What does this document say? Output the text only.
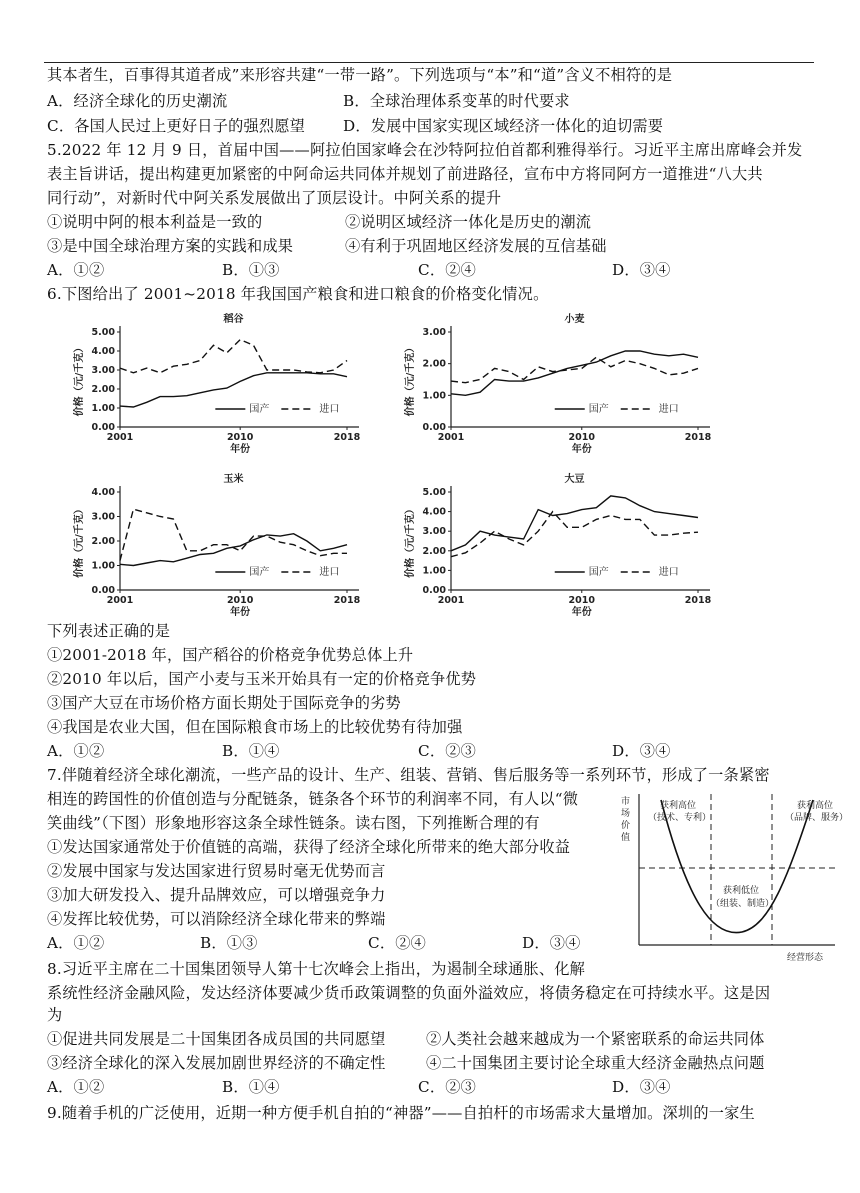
其本者生，百事得其道者成”来形容共建“一带一路”。下列选项与“本”和“道”含义不相符的是
A．经济全球化的历史潮流	B．全球治理体系变革的时代要求
C．各国人民过上更好日子的强烈愿望 D．发展中国家实现区域经济一体化的迫切需要
5.2022 年 12 月 9 日，首届中国——阿拉伯国家峰会在沙特阿拉伯首都利雅得举行。习近平主席出席峰会并发
表主旨讲话，提出构建更加紧密的中阿命运共同体并规划了前进路径，宣布中方将同阿方一道推进“八大共
同行动”，对新时代中阿关系发展做出了顶层设计。中阿关系的提升
①说明中阿的根本利益是一致的	②说明区域经济一体化是历史的潮流
③是中国全球治理方案的实践和成果	④有利于巩固地区经济发展的互信基础
A．①②	B．①③	C．②④	D．③④
6.下图给出了 2001~2018 年我国国产粮食和进口粮食的价格变化情况。
稻谷
价格（元/千克）
0.00
1.00
2.00
3.00
4.00
5.00
2001	2010	2018
年份
国产	进口
小麦
价格（元/千克）
0.00
1.00
2.00
3.00
2001	2010	2018
年份
国产	进口
玉米
价格（元/千克）
0.00
1.00
2.00
3.00
4.00
2001	2010	2018
年份
国产	进口
大豆
价格（元/千克）
0.00
1.00
2.00
3.00
4.00
5.00
2001	2010	2018
年份
国产	进口
下列表述正确的是
①2001-2018 年，国产稻谷的价格竞争优势总体上升
②2010 年以后，国产小麦与玉米开始具有一定的价格竞争优势
③国产大豆在市场价格方面长期处于国际竞争的劣势
④我国是农业大国，但在国际粮食市场上的比较优势有待加强
A．①②	B．①④	C．②③	D．③④
7.伴随着经济全球化潮流，一些产品的设计、生产、组装、营销、售后服务等一系列环节，形成了一条紧密
相连的跨国性的价值创造与分配链条，链条各个环节的利润率不同，有人以“微
笑曲线”（下图）形象地形容这条全球性链条。读右图，下列推断合理的有
①发达国家通常处于价值链的高端，获得了经济全球化所带来的绝大部分收益
②发展中国家与发达国家进行贸易时毫无优势而言
③加大研发投入、提升品牌效应，可以增强竞争力
④发挥比较优势，可以消除经济全球化带来的弊端
A．①②	B．①③	C．②④	D．③④
市
场
价
值
获利高位
（技术、专利）
获利高位
（品牌、服务）
获利低位
（组装、制造）
经营形态
8.习近平主席在二十国集团领导人第十七次峰会上指出，为遏制全球通胀、化解
系统性经济金融风险，发达经济体要减少货币政策调整的负面外溢效应，将债务稳定在可持续水平。这是因
为
①促进共同发展是二十国集团各成员国的共同愿望	②人类社会越来越成为一个紧密联系的命运共同体
③经济全球化的深入发展加剧世界经济的不确定性	④二十国集团主要讨论全球重大经济金融热点问题
A．①②	B．①④	C．②③	D．③④
9.随着手机的广泛使用，近期一种方便手机自拍的“神器”——自拍杆的市场需求大量增加。深圳的一家生
